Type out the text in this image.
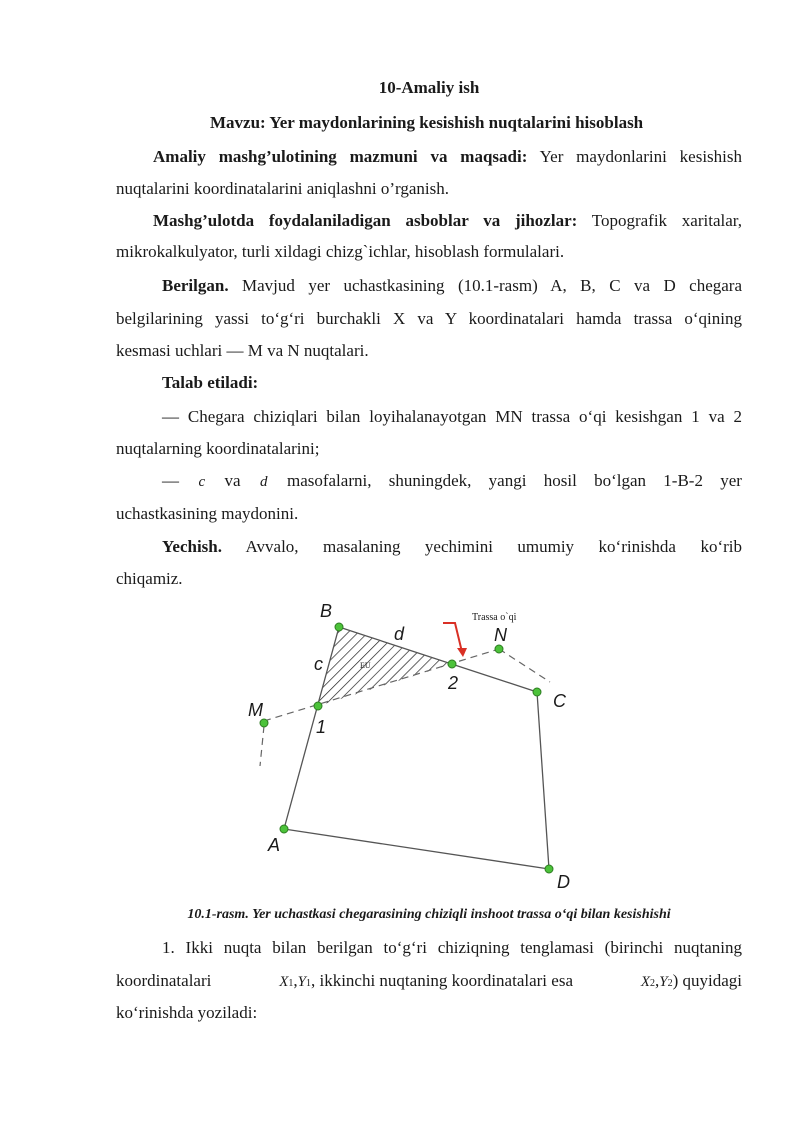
10-Amaliy ish
Mavzu: Yer maydonlarining kesishish nuqtalarini hisoblash
Amaliy mashg’ulotining mazmuni va maqsadi: Yer maydonlarini kesishish
nuqtalarini koordinatalarini aniqlashni o’rganish.
Mashg’ulotda foydalaniladigan asboblar va jihozlar: Topografik xaritalar,
mikrokalkulyator, turli xildagi chizg`ichlar, hisoblash formulalari.
Berilgan. Mavjud yer uchastkasining (10.1-rasm) A, B, C va D chegara
belgilarining yassi to‘g‘ri burchakli X va Y koordinatalari hamda trassa o‘qining
kesmasi uchlari — M va N nuqtalari.
Talab etiladi:
— Chegara chiziqlari bilan loyihalanayotgan MN trassa o‘qi kesishgan 1 va 2
nuqtalarning koordinatalarini;
— c va d masofalarni, shuningdek, yangi hosil bo‘lgan 1-B-2 yer
uchastkasining maydonini.
Yechish. Avvalo, masalaning yechimini umumiy ko‘rinishda ko‘rib
chiqamiz.
B
N
C
M
A
D
1
2
c
d
EU
Trassa o`qi
10.1-rasm. Yer uchastkasi chegarasining chiziqli inshoot trassa o‘qi bilan kesishishi
1. Ikki nuqta bilan berilgan to‘g‘ri chiziqning tenglamasi (birinchi nuqtaning
koordinatalari	X 1 , Y 1 , ikkinchi nuqtaning koordinatalari esa	X 2 , Y 2 ) quyidagi
ko‘rinishda yoziladi:
